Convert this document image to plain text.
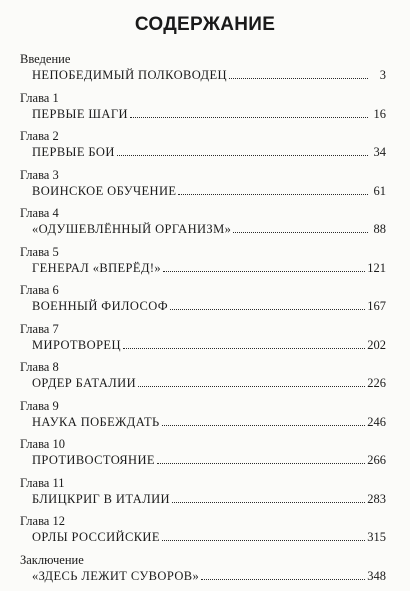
СОДЕРЖАНИЕ
Введение
НЕПОБЕДИМЫЙ ПОЛКОВОДЕЦ	3
Глава 1
ПЕРВЫЕ ШАГИ	16
Глава 2
ПЕРВЫЕ БОИ	34
Глава 3
ВОИНСКОЕ ОБУЧЕНИЕ	61
Глава 4
«ОДУШЕВЛЁННЫЙ ОРГАНИЗМ»	88
Глава 5
ГЕНЕРАЛ «ВПЕРЁД!»	121
Глава 6
ВОЕННЫЙ ФИЛОСОФ	167
Глава 7
МИРОТВОРЕЦ	202
Глава 8
ОРДЕР БАТАЛИИ	226
Глава 9
НАУКА ПОБЕЖДАТЬ	246
Глава 10
ПРОТИВОСТОЯНИЕ	266
Глава 11
БЛИЦКРИГ В ИТАЛИИ	283
Глава 12
ОРЛЫ РОССИЙСКИЕ	315
Заключение
«ЗДЕСЬ ЛЕЖИТ СУВОРОВ»	348
